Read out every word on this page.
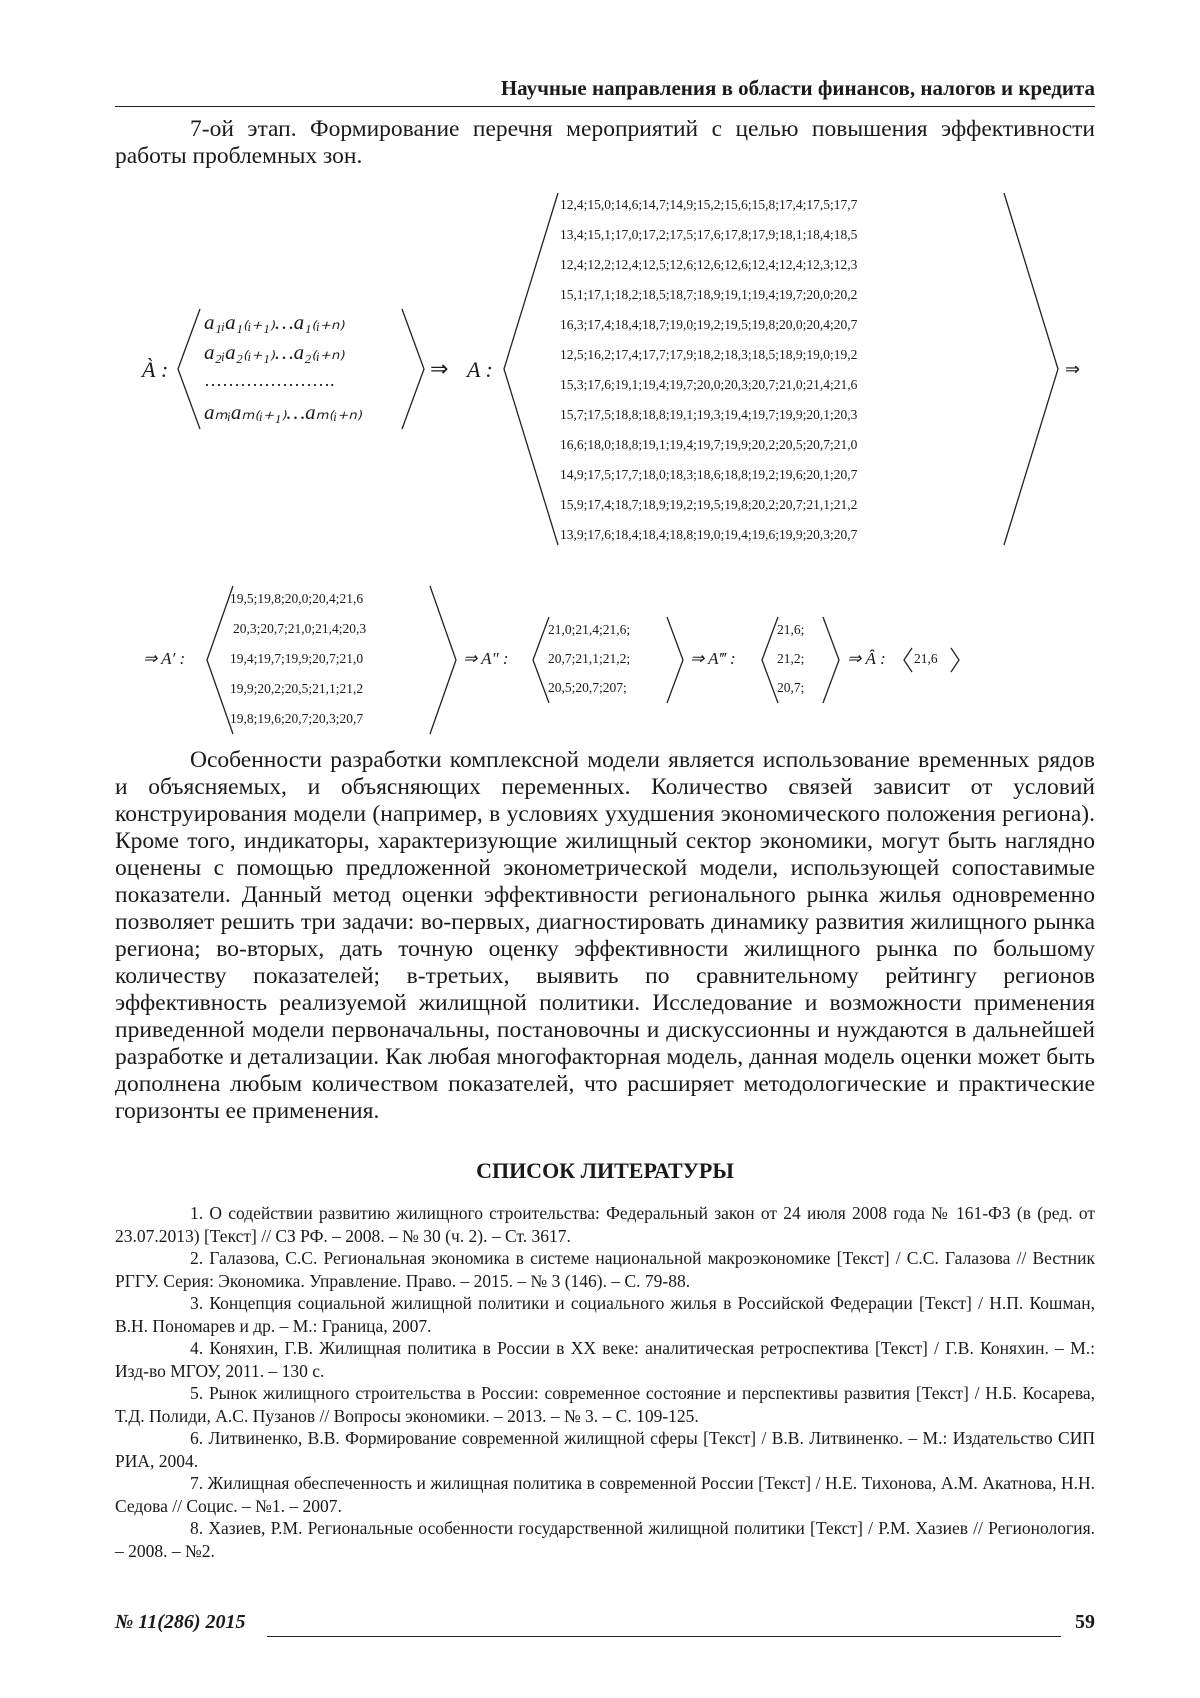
Научные направления в области финансов, налогов и кредита

7-ой этап. Формирование перечня мероприятий с целью повышения эффективности работы проблемных зон.

À :
a₁ᵢa₁₍ᵢ₊₁₎…a₁₍ᵢ₊ₙ₎
a₂ᵢa₂₍ᵢ₊₁₎…a₂₍ᵢ₊ₙ₎
………………….
aₘᵢaₘ₍ᵢ₊₁₎…aₘ₍ᵢ₊ₙ₎
⇒ A :
12,4;15,0;14,6;14,7;14,9;15,2;15,6;15,8;17,4;17,5;17,7
13,4;15,1;17,0;17,2;17,5;17,6;17,8;17,9;18,1;18,4;18,5
12,4;12,2;12,4;12,5;12,6;12,6;12,6;12,4;12,4;12,3;12,3
15,1;17,1;18,2;18,5;18,7;18,9;19,1;19,4;19,7;20,0;20,2
16,3;17,4;18,4;18,7;19,0;19,2;19,5;19,8;20,0;20,4;20,7
12,5;16,2;17,4;17,7;17,9;18,2;18,3;18,5;18,9;19,0;19,2
15,3;17,6;19,1;19,4;19,7;20,0;20,3;20,7;21,0;21,4;21,6
15,7;17,5;18,8;18,8;19,1;19,3;19,4;19,7;19,9;20,1;20,3
16,6;18,0;18,8;19,1;19,4;19,7;19,9;20,2;20,5;20,7;21,0
14,9;17,5;17,7;18,0;18,3;18,6;18,8;19,2;19,6;20,1;20,7
15,9;17,4;18,7;18,9;19,2;19,5;19,8;20,2;20,7;21,1;21,2
13,9;17,6;18,4;18,4;18,8;19,0;19,4;19,6;19,9;20,3;20,7
⇒
⇒ A′ :
19,5;19,8;20,0;20,4;21,6
20,3;20,7;21,0;21,4;20,3
19,4;19,7;19,9;20,7;21,0
19,9;20,2;20,5;21,1;21,2
19,8;19,6;20,7;20,3;20,7
⇒ A″ :
21,0;21,4;21,6;
20,7;21,1;21,2;
20,5;20,7;207;
⇒ A‴ :
21,6;
21,2;
20,7;
⇒ Â : 21,6

Особенности разработки комплексной модели является использование временных рядов и объясняемых, и объясняющих переменных. Количество связей зависит от условий конструирования модели (например, в условиях ухудшения экономического положения региона). Кроме того, индикаторы, характеризующие жилищный сектор экономики, могут быть наглядно оценены с помощью предложенной эконометрической модели, использующей сопоставимые показатели. Данный метод оценки эффективности регионального рынка жилья одновременно позволяет решить три задачи: во-первых, диагностировать динамику развития жилищного рынка региона; во-вторых, дать точную оценку эффективности жилищного рынка по большому количеству показателей; в-третьих, выявить по сравнительному рейтингу регионов эффективность реализуемой жилищной политики. Исследование и возможности применения приведенной модели первоначальны, постановочны и дискуссионны и нуждаются в дальнейшей разработке и детализации. Как любая многофакторная модель, данная модель оценки может быть дополнена любым количеством показателей, что расширяет методологические и практические горизонты ее применения.

СПИСОК ЛИТЕРАТУРЫ

1. О содействии развитию жилищного строительства: Федеральный закон от 24 июля 2008 года № 161-ФЗ (в (ред. от 23.07.2013) [Текст] // СЗ РФ. – 2008. – № 30 (ч. 2). – Ст. 3617.

2. Галазова, С.С. Региональная экономика в системе национальной макроэкономике [Текст] / С.С. Галазова // Вестник РГГУ. Серия: Экономика. Управление. Право. – 2015. – № 3 (146). – С. 79-88.

3. Концепция социальной жилищной политики и социального жилья в Российской Федерации [Текст] / Н.П. Кошман, В.Н. Пономарев и др. – М.: Граница, 2007.

4. Коняхин, Г.В. Жилищная политика в России в XX веке: аналитическая ретроспектива [Текст] / Г.В. Коняхин. – М.: Изд-во МГОУ, 2011. – 130 с.

5. Рынок жилищного строительства в России: современное состояние и перспективы развития [Текст] / Н.Б. Косарева, Т.Д. Полиди, А.С. Пузанов // Вопросы экономики. – 2013. – № 3. – С. 109-125.

6. Литвиненко, В.В. Формирование современной жилищной сферы [Текст] / В.В. Литвиненко. – М.: Издательство СИП РИА, 2004.

7. Жилищная обеспеченность и жилищная политика в современной России [Текст] / Н.Е. Тихонова, А.М. Акатнова, Н.Н. Седова // Социс. – №1. – 2007.

8. Хазиев, Р.М. Региональные особенности государственной жилищной политики [Текст] / Р.М. Хазиев // Регионология. – 2008. – №2.

№ 11(286) 2015	59
